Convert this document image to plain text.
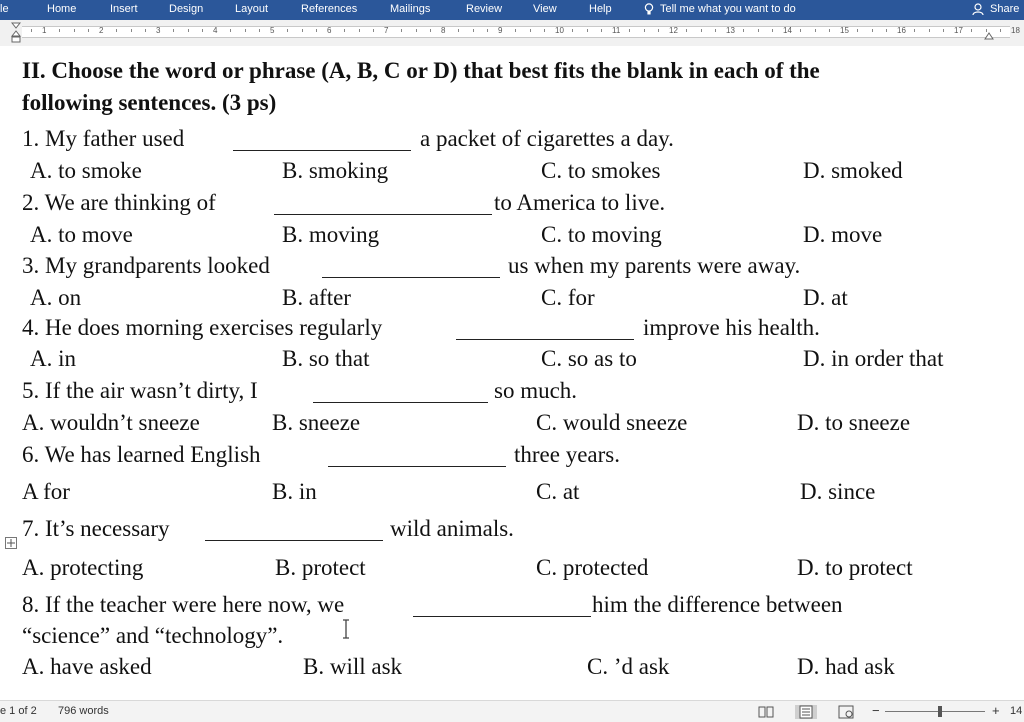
le	Home	Insert	Design	Layout	References	Mailings	Review	View	Help	Tell me what you want to do	Share
1	2	3	4	5	6	7	8	9	10	11	12	13	14	15	16	17	18
II. Choose the word or phrase (A, B, C or D) that best fits the blank in each of the
following sentences. (3 ps)
1. My father used	a packet of cigarettes a day.
A. to smoke	B. smoking	C. to smokes	D. smoked
2. We are thinking of	to America to live.
A. to move	B. moving	C. to moving	D. move
3. My grandparents looked	us when my parents were away.
A. on	B. after	C. for	D. at
4. He does morning exercises regularly	improve his health.
A. in	B. so that	C. so as to	D. in order that
5. If the air wasn’t dirty, I	so much.
A. wouldn’t sneeze	B. sneeze	C. would sneeze	D. to sneeze
6. We has learned English	three years.
A for	B. in	C. at	D. since
7. It’s necessary	wild animals.
A. protecting	B. protect	C. protected	D. to protect
8. If the teacher were here now, we	him the difference between
“science” and “technology”.
A. have asked	B. will ask	C. ’d ask	D. had ask
e 1 of 2 796 words	−	+ 14
